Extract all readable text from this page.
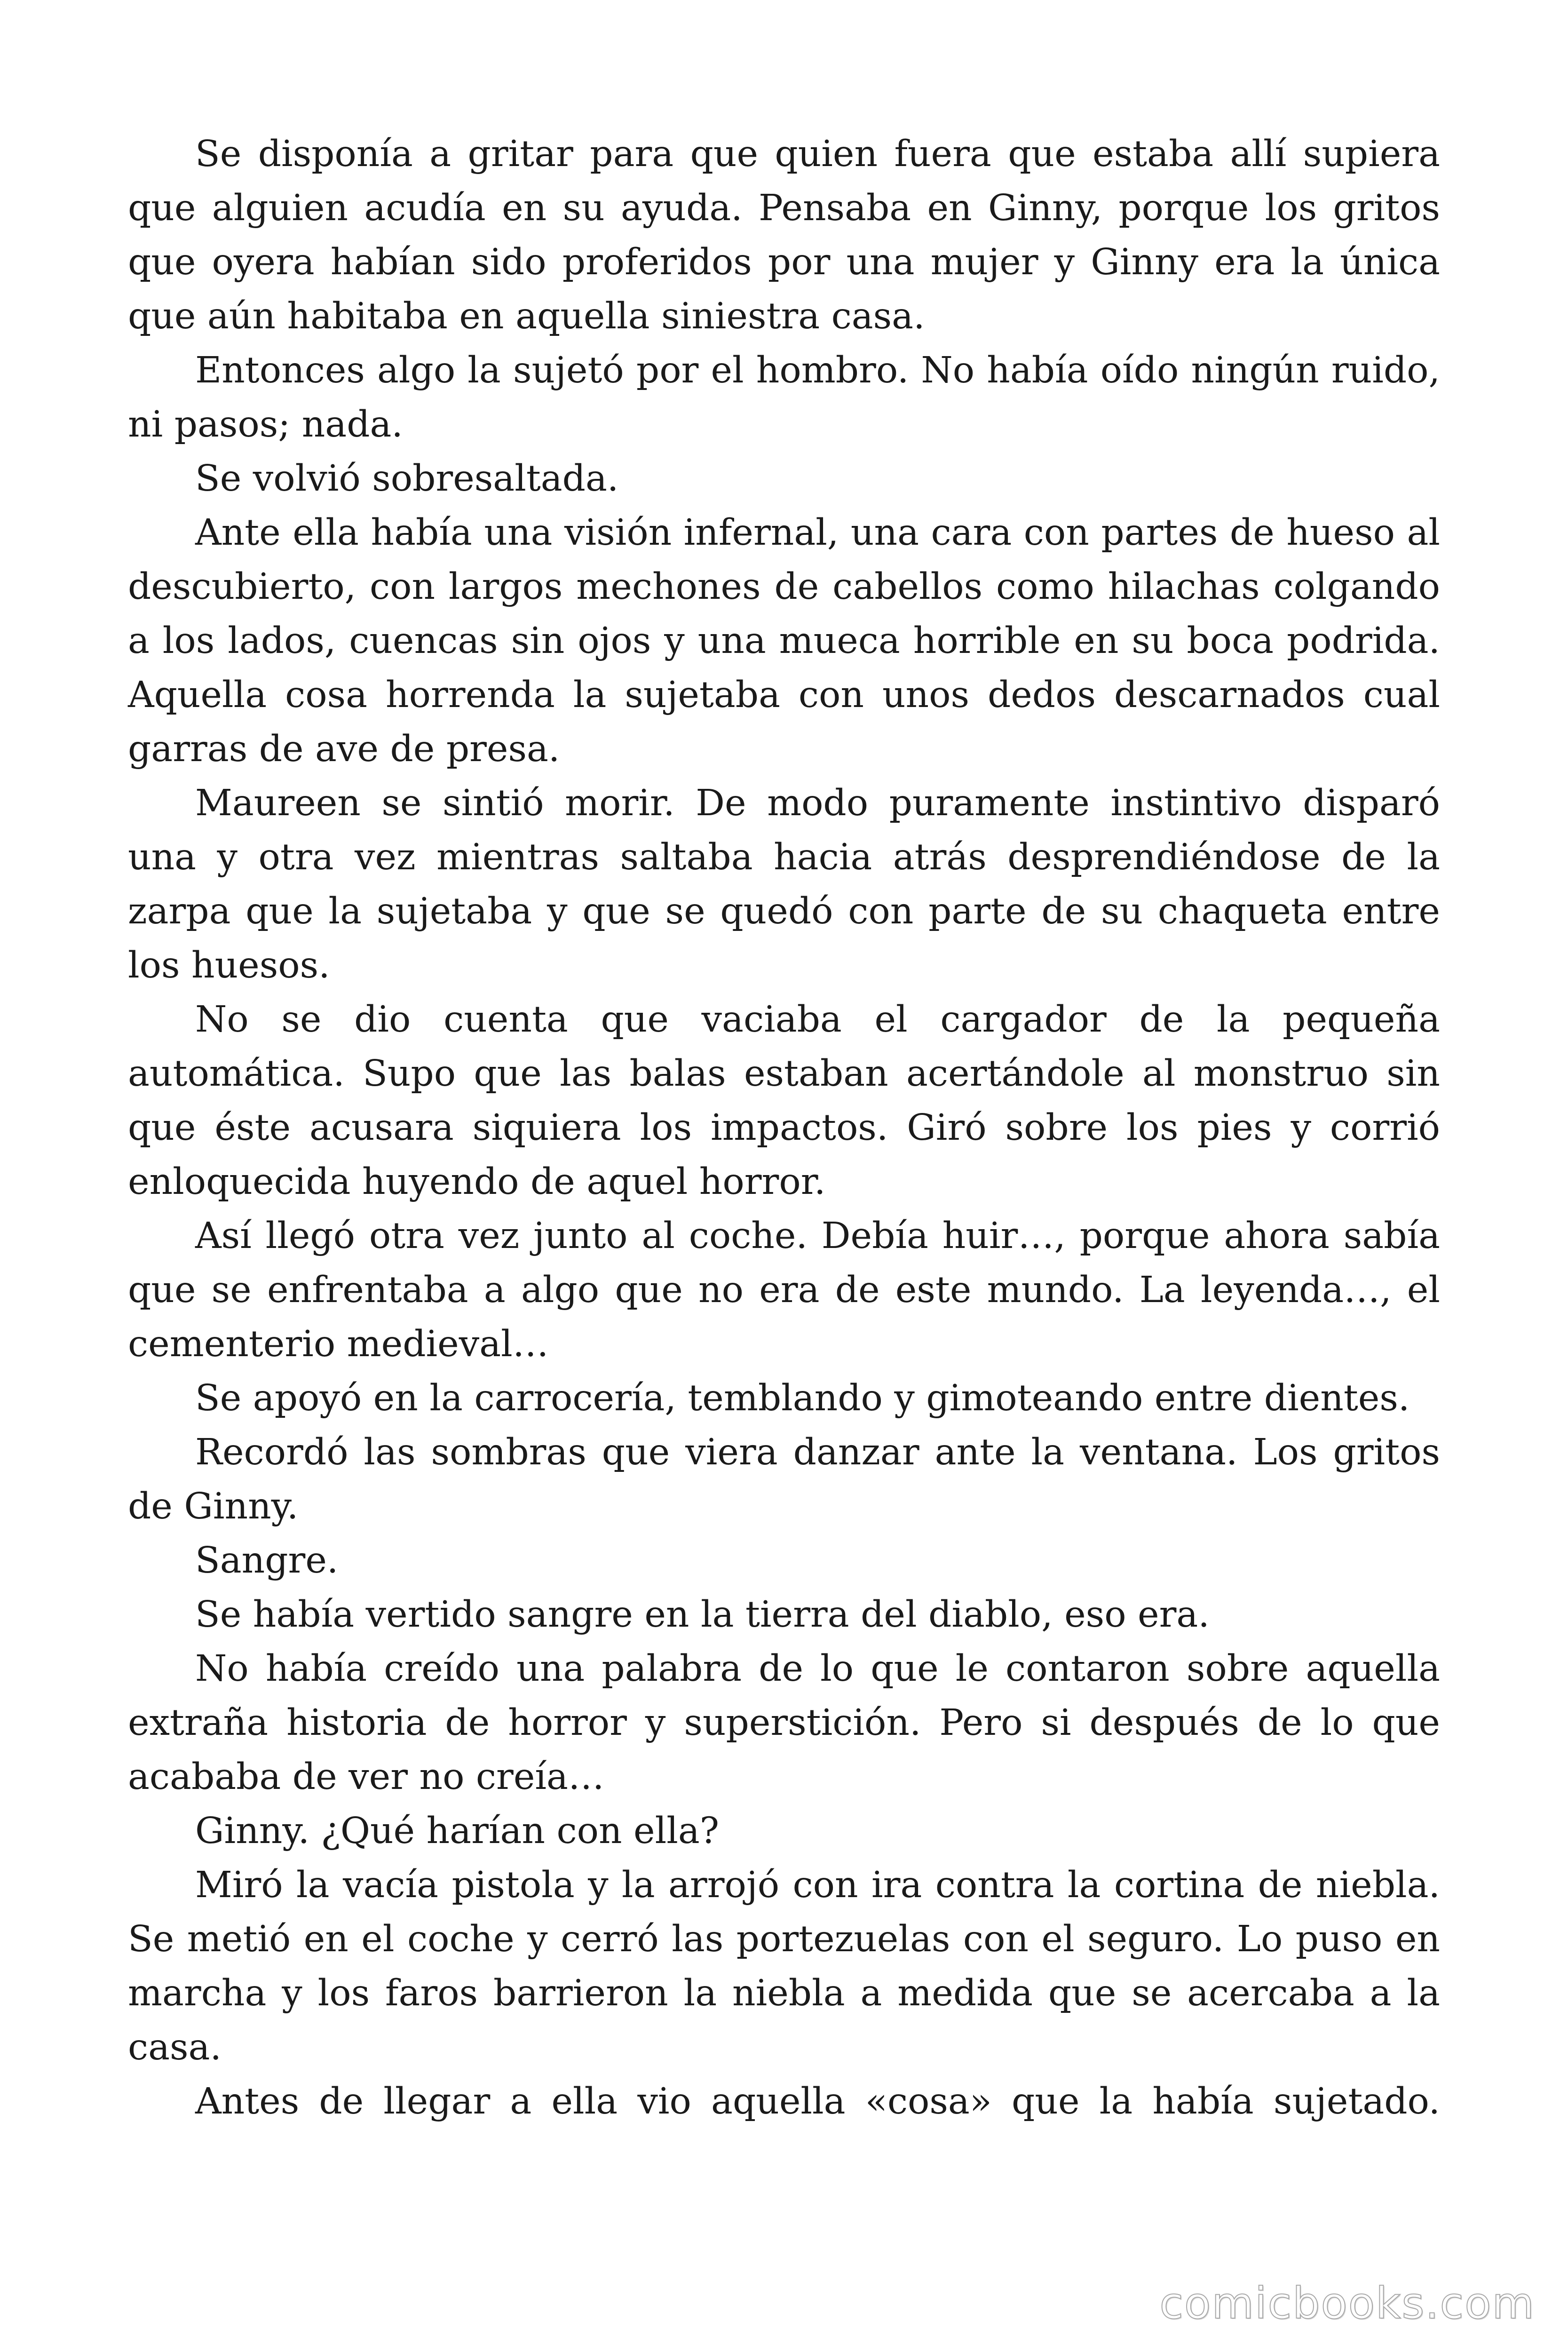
Se disponía a gritar para que quien fuera que estaba allí supiera que alguien acudía en su ayuda. Pensaba en Ginny, porque los gritos que oyera habían sido proferidos por una mujer y Ginny era la única que aún habitaba en aquella siniestra casa.

Entonces algo la sujetó por el hombro. No había oído ningún ruido, ni pasos; nada.

Se volvió sobresaltada.

Ante ella había una visión infernal, una cara con partes de hueso al descubierto, con largos mechones de cabellos como hilachas colgando a los lados, cuencas sin ojos y una mueca horrible en su boca podrida. Aquella cosa horrenda la sujetaba con unos dedos descarnados cual garras de ave de presa.

Maureen se sintió morir. De modo puramente instintivo disparó una y otra vez mientras saltaba hacia atrás desprendiéndose de la zarpa que la sujetaba y que se quedó con parte de su chaqueta entre los huesos.

No se dio cuenta que vaciaba el cargador de la pequeña automática. Supo que las balas estaban acertándole al monstruo sin que éste acusara siquiera los impactos. Giró sobre los pies y corrió enloquecida huyendo de aquel horror.

Así llegó otra vez junto al coche. Debía huir…, porque ahora sabía que se enfrentaba a algo que no era de este mundo. La leyenda…, el cementerio medieval…

Se apoyó en la carrocería, temblando y gimoteando entre dientes.

Recordó las sombras que viera danzar ante la ventana. Los gritos de Ginny.

Sangre.

Se había vertido sangre en la tierra del diablo, eso era.

No había creído una palabra de lo que le contaron sobre aquella extraña historia de horror y superstición. Pero si después de lo que acababa de ver no creía…

Ginny. ¿Qué harían con ella?

Miró la vacía pistola y la arrojó con ira contra la cortina de niebla. Se metió en el coche y cerró las portezuelas con el seguro. Lo puso en marcha y los faros barrieron la niebla a medida que se acercaba a la casa.

Antes de llegar a ella vio aquella «cosa» que la había sujetado.

comicbooks.com
